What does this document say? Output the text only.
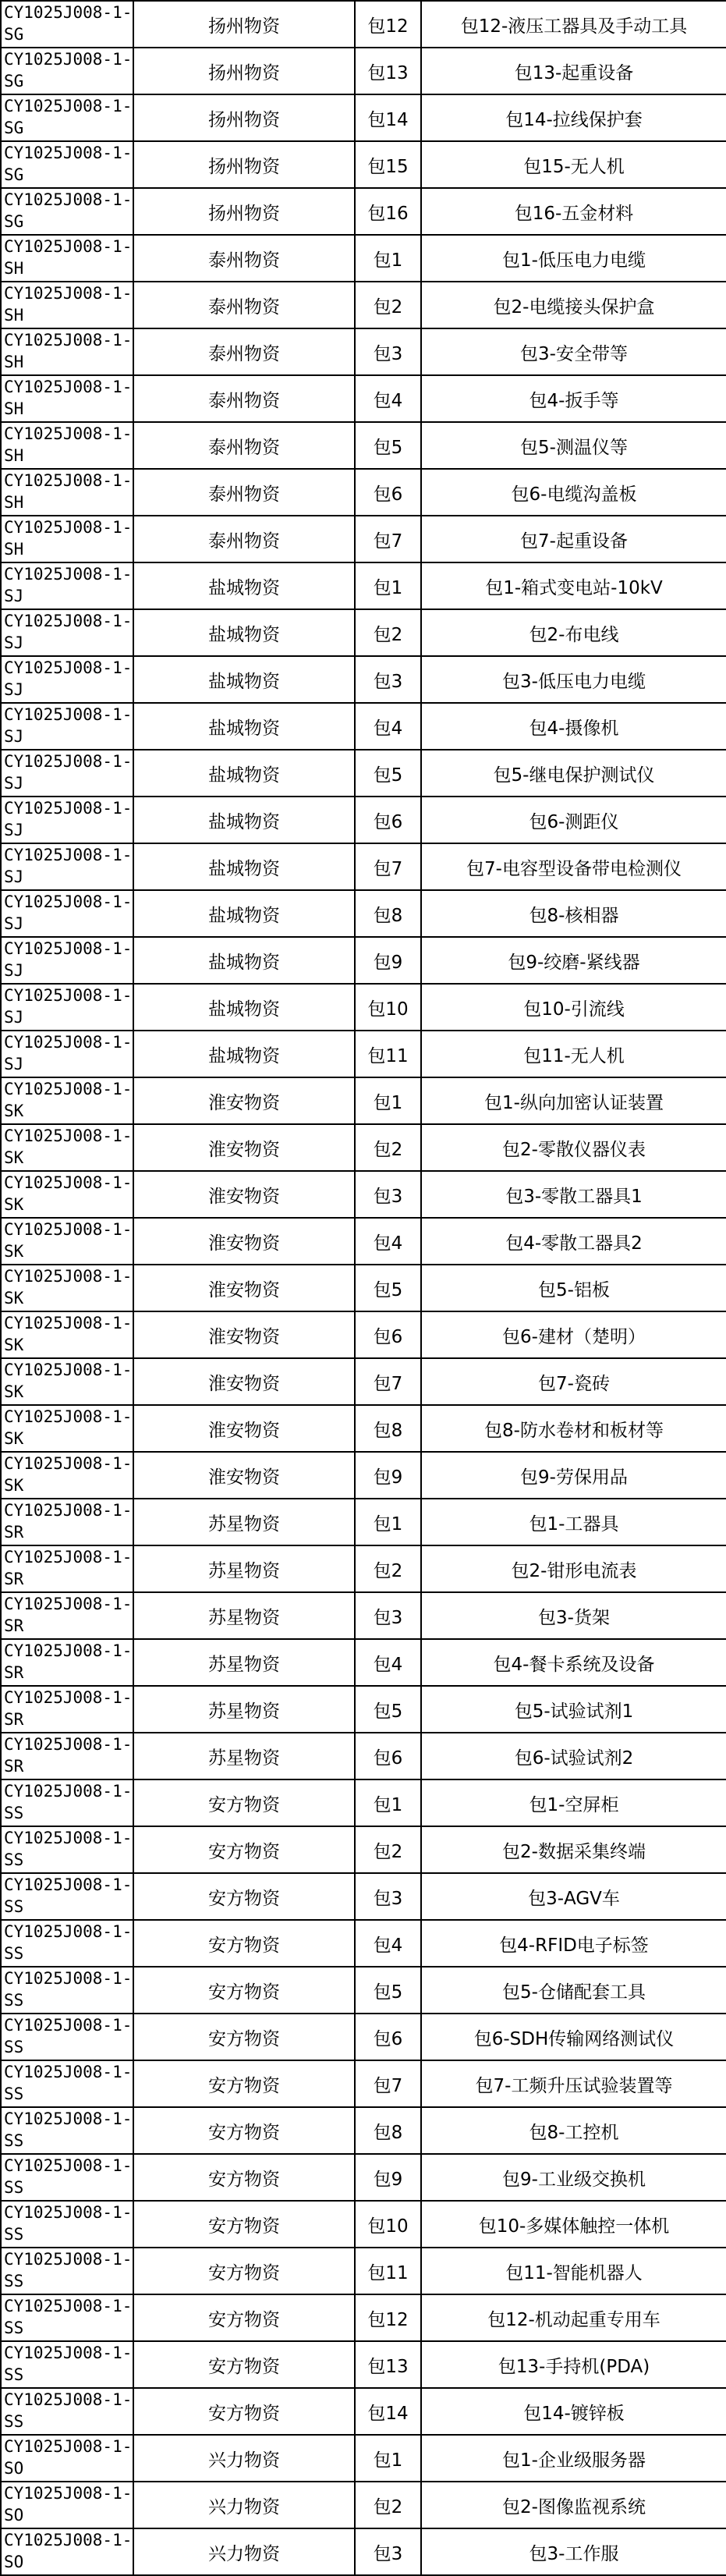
CY1025J008-1-SG	扬州物资	包12	包12-液压工器具及手动工具
CY1025J008-1-SG	扬州物资	包13	包13-起重设备
CY1025J008-1-SG	扬州物资	包14	包14-拉线保护套
CY1025J008-1-SG	扬州物资	包15	包15-无人机
CY1025J008-1-SG	扬州物资	包16	包16-五金材料
CY1025J008-1-SH	泰州物资	包1	包1-低压电力电缆
CY1025J008-1-SH	泰州物资	包2	包2-电缆接头保护盒
CY1025J008-1-SH	泰州物资	包3	包3-安全带等
CY1025J008-1-SH	泰州物资	包4	包4-扳手等
CY1025J008-1-SH	泰州物资	包5	包5-测温仪等
CY1025J008-1-SH	泰州物资	包6	包6-电缆沟盖板
CY1025J008-1-SH	泰州物资	包7	包7-起重设备
CY1025J008-1-SJ	盐城物资	包1	包1-箱式变电站-10kV
CY1025J008-1-SJ	盐城物资	包2	包2-布电线
CY1025J008-1-SJ	盐城物资	包3	包3-低压电力电缆
CY1025J008-1-SJ	盐城物资	包4	包4-摄像机
CY1025J008-1-SJ	盐城物资	包5	包5-继电保护测试仪
CY1025J008-1-SJ	盐城物资	包6	包6-测距仪
CY1025J008-1-SJ	盐城物资	包7	包7-电容型设备带电检测仪
CY1025J008-1-SJ	盐城物资	包8	包8-核相器
CY1025J008-1-SJ	盐城物资	包9	包9-绞磨-紧线器
CY1025J008-1-SJ	盐城物资	包10	包10-引流线
CY1025J008-1-SJ	盐城物资	包11	包11-无人机
CY1025J008-1-SK	淮安物资	包1	包1-纵向加密认证装置
CY1025J008-1-SK	淮安物资	包2	包2-零散仪器仪表
CY1025J008-1-SK	淮安物资	包3	包3-零散工器具1
CY1025J008-1-SK	淮安物资	包4	包4-零散工器具2
CY1025J008-1-SK	淮安物资	包5	包5-铝板
CY1025J008-1-SK	淮安物资	包6	包6-建材（楚明）
CY1025J008-1-SK	淮安物资	包7	包7-瓷砖
CY1025J008-1-SK	淮安物资	包8	包8-防水卷材和板材等
CY1025J008-1-SK	淮安物资	包9	包9-劳保用品
CY1025J008-1-SR	苏星物资	包1	包1-工器具
CY1025J008-1-SR	苏星物资	包2	包2-钳形电流表
CY1025J008-1-SR	苏星物资	包3	包3-货架
CY1025J008-1-SR	苏星物资	包4	包4-餐卡系统及设备
CY1025J008-1-SR	苏星物资	包5	包5-试验试剂1
CY1025J008-1-SR	苏星物资	包6	包6-试验试剂2
CY1025J008-1-SS	安方物资	包1	包1-空屏柜
CY1025J008-1-SS	安方物资	包2	包2-数据采集终端
CY1025J008-1-SS	安方物资	包3	包3-AGV车
CY1025J008-1-SS	安方物资	包4	包4-RFID电子标签
CY1025J008-1-SS	安方物资	包5	包5-仓储配套工具
CY1025J008-1-SS	安方物资	包6	包6-SDH传输网络测试仪
CY1025J008-1-SS	安方物资	包7	包7-工频升压试验装置等
CY1025J008-1-SS	安方物资	包8	包8-工控机
CY1025J008-1-SS	安方物资	包9	包9-工业级交换机
CY1025J008-1-SS	安方物资	包10	包10-多媒体触控一体机
CY1025J008-1-SS	安方物资	包11	包11-智能机器人
CY1025J008-1-SS	安方物资	包12	包12-机动起重专用车
CY1025J008-1-SS	安方物资	包13	包13-手持机(PDA)
CY1025J008-1-SS	安方物资	包14	包14-镀锌板
CY1025J008-1-SO	兴力物资	包1	包1-企业级服务器
CY1025J008-1-SO	兴力物资	包2	包2-图像监视系统
CY1025J008-1-SO	兴力物资	包3	包3-工作服
